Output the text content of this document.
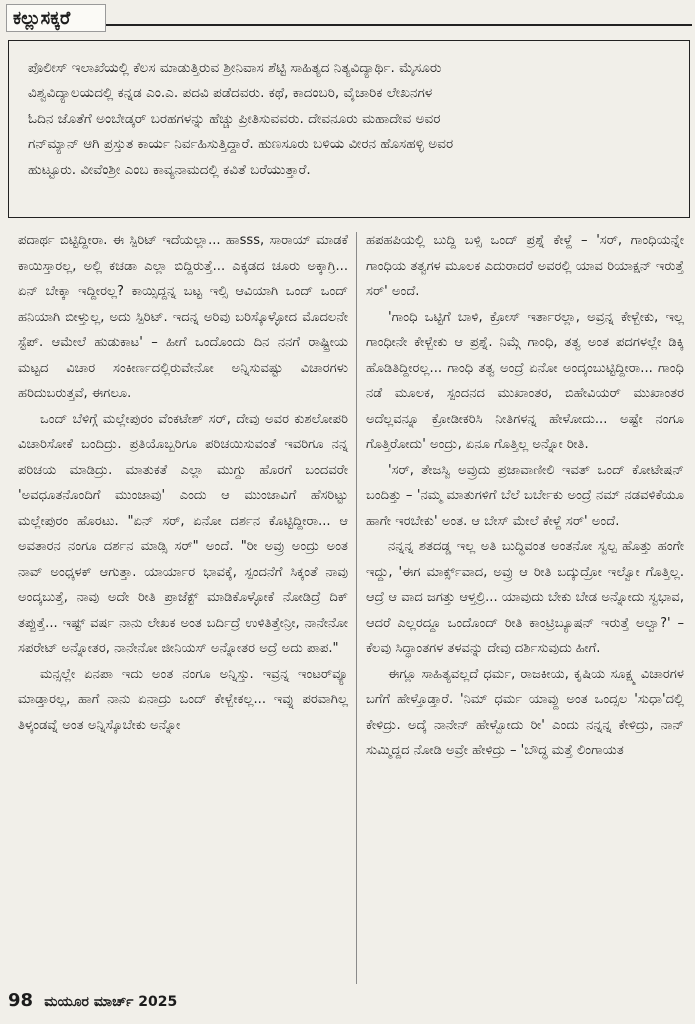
ಕಲ್ಲುಸಕ್ಕರೆ

ಪೊಲೀಸ್ ಇಲಾಖೆಯಲ್ಲಿ ಕೆಲಸ ಮಾಡುತ್ತಿರುವ ಶ್ರೀನಿವಾಸ ಶೆಟ್ಟಿ ಸಾಹಿತ್ಯದ ನಿತ್ಯವಿದ್ಯಾರ್ಥಿ. ಮೈಸೂರು

ವಿಶ್ವವಿದ್ಯಾಲಯದಲ್ಲಿ ಕನ್ನಡ ಎಂ.ಎ. ಪದವಿ ಪಡೆದವರು. ಕಥೆ, ಕಾದಂಬರಿ, ವೈಚಾರಿಕ ಲೇಖನಗಳ

ಓದಿನ ಜೊತೆಗೆ ಅಂಬೇಡ್ಕರ್ ಬರಹಗಳನ್ನು ಹೆಚ್ಚು ಪ್ರೀತಿಸುವವರು. ದೇವನೂರು ಮಹಾದೇವ ಅವರ

ಗನ್‌ಮ್ಯಾನ್ ಆಗಿ ಪ್ರಸ್ತುತ ಕಾರ್ಯ ನಿರ್ವಹಿಸುತ್ತಿದ್ದಾರೆ. ಹುಣಸೂರು ಬಳಿಯ ವೀರನ ಹೊಸಹಳ್ಳಿ ಅವರ

ಹುಟ್ಟೂರು. ವೀವೆಂಶ್ರೀ ಎಂಬ ಕಾವ್ಯನಾಮದಲ್ಲಿ ಕವಿತೆ ಬರೆಯುತ್ತಾರೆ.

ಪದಾರ್ಥ ಬಿಟ್ಟಿದ್ದೀರಾ. ಈ ಸ್ಪಿರಿಟ್ ಇದೆಯಲ್ಲಾ... ಹಾsss, ಸಾರಾಯ್ ಮಾಡಕೆ ಕಾಯಿಸ್ತಾರಲ್ಲ, ಅಲ್ಲಿ ಕಚಡಾ ಎಲ್ಲಾ ಬಿದ್ದಿರುತ್ತೆ... ಎಕ್ಕಡದ ಚೂರು ಅಕ್ಕಾಗ್ರಿ... ಏನ್ ಬೇಕ್ಕಾ ಇದ್ದೀರಲ್ಲ? ಕಾಯ್ಸಿದ್ದನ್ನ ಬಟ್ಟ ಇಲ್ಸಿ ಆವಿಯಾಗಿ ಒಂದ್ ಒಂದ್ ಹನಿಯಾಗಿ ಬೀಳ್ತುಲ್ಲ, ಅದು ಸ್ಪಿರಿಟ್. ಇದನ್ನ ಅರಿವು ಬರಿಸ್ಕೊಳ್ಳೋದ ಮೊದಲನೇ ಸ್ಟೆಪ್. ಆಮೇಲೆ ಹುಡುಕಾಟ' – ಹೀಗೆ ಒಂದೊಂದು ದಿನ ನನಗೆ ರಾಷ್ಟ್ರೀಯ ಮಟ್ಟದ ವಿಚಾರ ಸಂಕೀರ್ಣದಲ್ಲಿರುವೇನೋ ಅನ್ನಿಸುವಷ್ಟು ವಿಚಾರಗಳು ಹರಿದುಬರುತ್ತವೆ, ಈಗಲೂ.

ಒಂದ್ ಬೆಳಿಗ್ಗೆ ಮಲ್ಲೇಪುರಂ ವೆಂಕಟೇಶ್ ಸರ್, ದೇವು ಅವರ ಕುಶಲೋಪರಿ ವಿಚಾರಿಸೋಕೆ ಬಂದಿದ್ರು. ಪ್ರತಿಯೊಬ್ಬರಿಗೂ ಪರಿಚಯಿಸುವಂತೆ ಇವರಿಗೂ ನನ್ನ ಪರಿಚಯ ಮಾಡಿದ್ರು. ಮಾತುಕತೆ ಎಲ್ಲಾ ಮುಗ್ದು ಹೊರಗೆ ಬಂದವರೇ 'ಅವಧೂತನೊಂದಿಗೆ ಮುಂಜಾವು' ಎಂದು ಆ ಮುಂಜಾವಿಗೆ ಹೆಸರಿಟ್ಟು ಮಲ್ಲೇಪುರಂ ಹೊರಟು. "ಏನ್ ಸರ್, ಏನೋ ದರ್ಶನ ಕೊಟ್ಟಿದ್ದೀರಾ... ಆ ಅವತಾರನ ನಂಗೂ ದರ್ಶನ ಮಾಡ್ಸಿ ಸರ್" ಅಂದೆ. "ರೀ ಅವ್ರು ಅಂದ್ರು ಅಂತ ನಾವ್ ಅಂಧ್ಕಳಕ್ ಆಗುತ್ತಾ. ಯಾರ್ಯಾರ ಭಾವಕ್ಕೆ, ಸ್ಪಂದನೆಗೆ ಸಿಕ್ಕಂತೆ ನಾವು ಅಂದ್ಕಬುತ್ತೆ, ನಾವು ಅದೇ ರೀತಿ ಪ್ರಾಜೆಕ್ಟ್ ಮಾಡಿಕೊಳ್ಳೋಕೆ ನೋಡಿದ್ರೆ ದಿಕ್ ತಪ್ಪುತ್ತೆ... ಇಷ್ಟ್ ವರ್ಷ ನಾನು ಲೇಖಕ ಅಂತ ಬರ್ದಿದ್ರೆ ಉಳಿತಿತ್ತೇನ್ರೀ, ನಾನೇನೋ ಸಪರೇಟ್ ಅನ್ನೋತರ, ನಾನೇನೋ ಜೀನಿಯಸ್ ಅನ್ನೋತರ ಅದ್ರೆ ಅದು ಪಾಪ."

ಮನ್ಸಲ್ಲೇ ಏನಪಾ ಇದು ಅಂತ ನಂಗೂ ಅನ್ನಿಸ್ತು. ಇವ್ರನ್ನ ಇಂಟರ್‌ವ್ಯೂ ಮಾಡ್ತಾರಲ್ಲ, ಹಾಗೆ ನಾನು ಏನಾದ್ರು ಒಂದ್ ಕೇಳ್ಬೇಕಲ್ಲ... ಇವ್ನು ಪರವಾಗಿಲ್ಲ ತಿಳ್ಕಂಡವ್ನೆ ಅಂತ ಅನ್ನಿಸ್ಕೊಬೇಕು ಅನ್ನೋ

ಹಪಹಪಿಯಲ್ಲಿ ಬುದ್ದಿ ಬಳ್ಸಿ ಒಂದ್ ಪ್ರಶ್ನೆ ಕೇಳ್ದೆ – 'ಸರ್, ಗಾಂಧಿಯನ್ನೇ ಗಾಂಧಿಯ ತತ್ವಗಳ ಮೂಲಕ ಎದುರಾದರೆ ಅವರಲ್ಲಿ ಯಾವ ರಿಯಾಕ್ಷನ್ ಇರುತ್ತೆ ಸರ್' ಅಂದೆ.

'ಗಾಂಧಿ ಒಟ್ಟಿಗೆ ಬಾಳಿ, ಕ್ರೋಸ್ ಇರ್ತಾರಲ್ಲಾ, ಅವ್ರನ್ನ ಕೇಳ್ಬೇಕು, ಇಲ್ಲ ಗಾಂಧೀನೇ ಕೇಳ್ಬೇಕು ಆ ಪ್ರಶ್ನೆ. ನಿಮ್ಗೆ ಗಾಂಧಿ, ತತ್ವ ಅಂತ ಪದಗಳಲ್ಲೇ ಡಿಕ್ಕಿ ಹೊಡಿತಿದ್ದೀರಲ್ಲ... ಗಾಂಧಿ ತತ್ವ ಅಂದ್ರೆ ಏನೋ ಅಂದ್ಕಂಬುಟ್ಟಿದ್ದೀರಾ... ಗಾಂಧಿ ನಡೆ ಮೂಲಕ, ಸ್ಪಂದನದ ಮುಖಾಂತರ, ಬಿಹೇವಿಯರ್ ಮುಖಾಂತರ ಅದೆಲ್ಲವನ್ನೂ ಕ್ರೋಡೀಕರಿಸಿ ನೀತಿಗಳನ್ನ ಹೇಳೋದು... ಅಷ್ಟೇ ನಂಗೂ ಗೊತ್ತಿರೋದು' ಅಂದ್ರು, ಏನೂ ಗೊತ್ತಿಲ್ಲ ಅನ್ನೋ ರೀತಿ.

'ಸರ್, ತೇಜಸ್ವಿ ಅವ್ರುದು ಪ್ರಜಾವಾಣೀಲಿ ಇವತ್ ಒಂದ್ ಕೋಟೇಷನ್ ಬಂದಿತ್ತು – 'ನಮ್ಮ ಮಾತುಗಳಿಗೆ ಬೆಲೆ ಬರ್ಬೇಕು ಅಂದ್ರೆ ನಮ್ ನಡವಳಿಕೆಯೂ ಹಾಗೇ ಇರಬೇಕು' ಅಂತ. ಆ ಬೇಸ್ ಮೇಲೆ ಕೇಳ್ದೆ ಸರ್' ಅಂದೆ.

ನನ್ನನ್ನ ಶತದಡ್ಡ ಇಲ್ಲ ಅತಿ ಬುದ್ಧಿವಂತ ಅಂತನೋ ಸ್ವಲ್ಪ ಹೊತ್ತು ಹಂಗೇ ಇದ್ದು, 'ಈಗ ಮಾರ್ಕ್ಸ್‌ವಾದ, ಅವ್ರು ಆ ರೀತಿ ಬದ್ಕುದ್ರೋ ಇಲ್ವೋ ಗೊತ್ತಿಲ್ಲ. ಆದ್ರೆ ಆ ವಾದ ಜಗತ್ತು ಆಳ್ತಲ್ರಿ... ಯಾವುದು ಬೇಕು ಬೇಡ ಅನ್ನೋದು ಸ್ವಭಾವ, ಆದರೆ ಎಲ್ಲರದ್ದೂ ಒಂದೊಂದ್ ರೀತಿ ಕಾಂಟ್ರಿಬ್ಯೂಷನ್ ಇರುತ್ತೆ ಅಲ್ವಾ?' – ಕೆಲವು ಸಿದ್ಧಾಂತಗಳ ತಳವನ್ನು ದೇವು ದರ್ಶಿಸುವುದು ಹೀಗೆ.

ಈಗ್ಲೂ ಸಾಹಿತ್ಯವಲ್ಲದೆ ಧರ್ಮ, ರಾಜಕೀಯ, ಕೃಷಿಯ ಸೂಕ್ಷ್ಮ ವಿಚಾರಗಳ ಬಗೆಗೆ ಹೇಳ್ತೊಡ್ತಾರೆ. 'ನಿಮ್ ಧರ್ಮ ಯಾವ್ದು ಅಂತ ಒಂದ್ಸಲ 'ಸುಧಾ'ದಲ್ಲಿ ಕೇಳಿದ್ರು. ಅದ್ಕೆ ನಾನೇನ್ ಹೇಳ್ಬೋದು ರೀ' ಎಂದು ನನ್ನನ್ನ ಕೇಳಿದ್ರು, ನಾನ್ ಸುಮ್ಮಿದ್ದದ ನೋಡಿ ಅವ್ರೇ ಹೇಳಿದ್ರು – 'ಬೌದ್ಧ ಮತ್ತೆ ಲಿಂಗಾಯತ

98 ಮಯೂರ ಮಾರ್ಚ್ 2025
